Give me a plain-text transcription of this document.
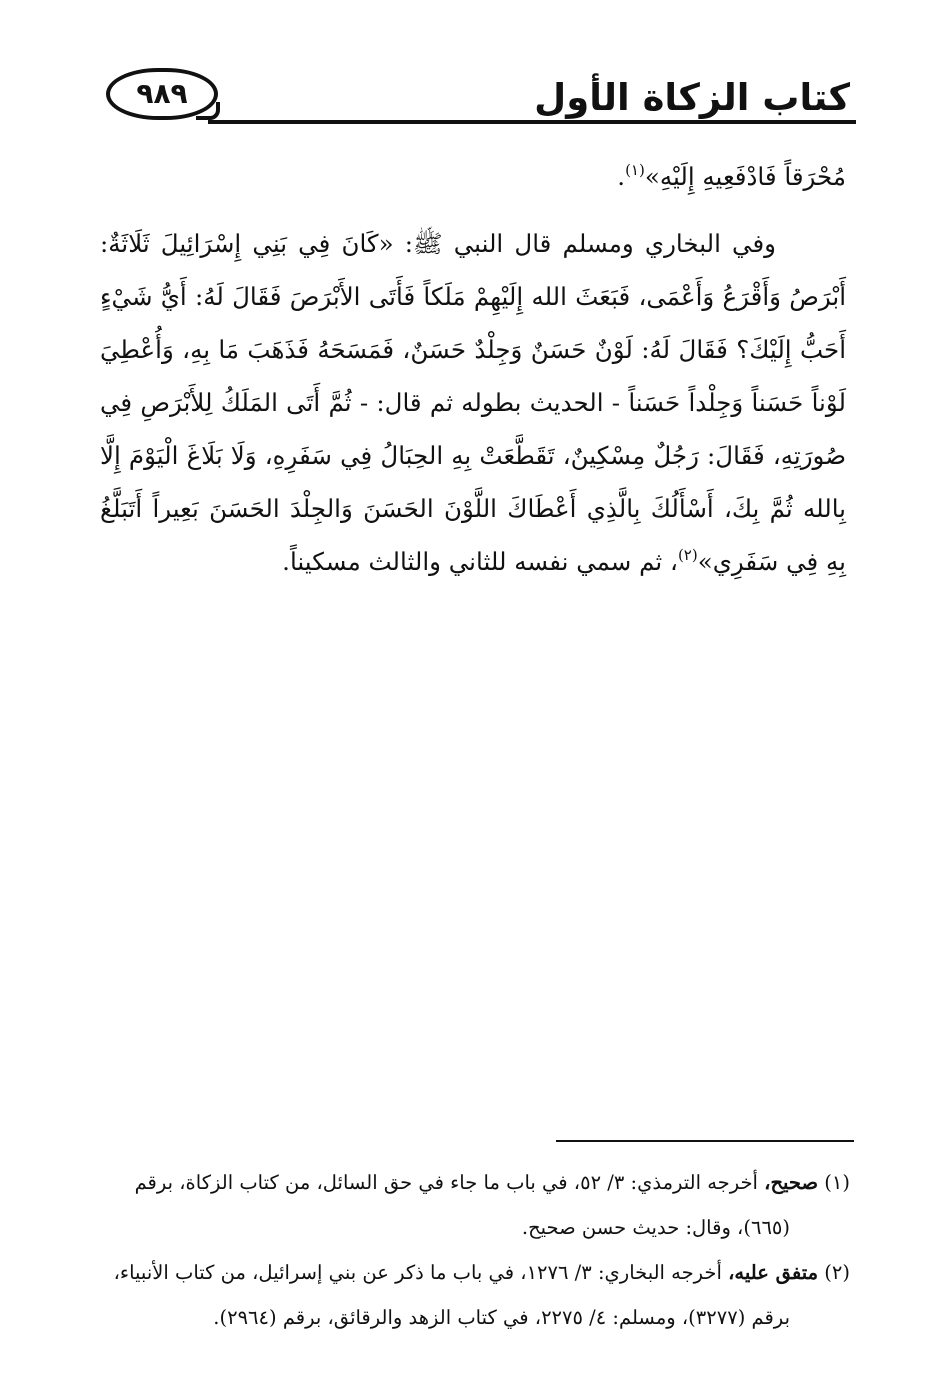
كتاب الزكاة الأول
٩٨٩

مُحْرَقاً فَادْفَعِيهِ إِلَيْهِ»$^{(١)}$.

وفي البخاري ومسلم قال النبي ﷺ: «كَانَ فِي بَنِي إِسْرَائِيلَ ثَلَاثَةٌ: أَبْرَصُ وَأَقْرَعُ وَأَعْمَى، فَبَعَثَ الله إِلَيْهِمْ مَلَكاً فَأَتَى الأَبْرَصَ فَقَالَ لَهُ: أَيُّ شَيْءٍ أَحَبُّ إِلَيْكَ؟ فَقَالَ لَهُ: لَوْنٌ حَسَنٌ وَجِلْدٌ حَسَنٌ، فَمَسَحَهُ فَذَهَبَ مَا بِهِ، وَأُعْطِيَ لَوْناً حَسَناً وَجِلْداً حَسَناً - الحديث بطوله ثم قال: - ثُمَّ أَتَى المَلَكُ لِلأَبْرَصِ فِي صُورَتِهِ، فَقَالَ: رَجُلٌ مِسْكِينٌ، تَقَطَّعَتْ بِهِ الحِبَالُ فِي سَفَرِهِ، وَلَا بَلَاغَ الْيَوْمَ إِلَّا بِالله ثُمَّ بِكَ، أَسْأَلُكَ بِالَّذِي أَعْطَاكَ اللَّوْنَ الحَسَنَ وَالجِلْدَ الحَسَنَ بَعِيراً أَتَبَلَّغُ بِهِ فِي سَفَرِي»$^{(٢)}$، ثم سمي نفسه للثاني والثالث مسكيناً.

(١) صحيح، أخرجه الترمذي: ٣/ ٥٢، في باب ما جاء في حق السائل، من كتاب الزكاة، برقم

(٦٦٥)، وقال: حديث حسن صحيح.

(٢) متفق عليه، أخرجه البخاري: ٣/ ١٢٧٦، في باب ما ذكر عن بني إسرائيل، من كتاب الأنبياء،

برقم (٣٢٧٧)، ومسلم: ٤/ ٢٢٧٥، في كتاب الزهد والرقائق، برقم (٢٩٦٤).
